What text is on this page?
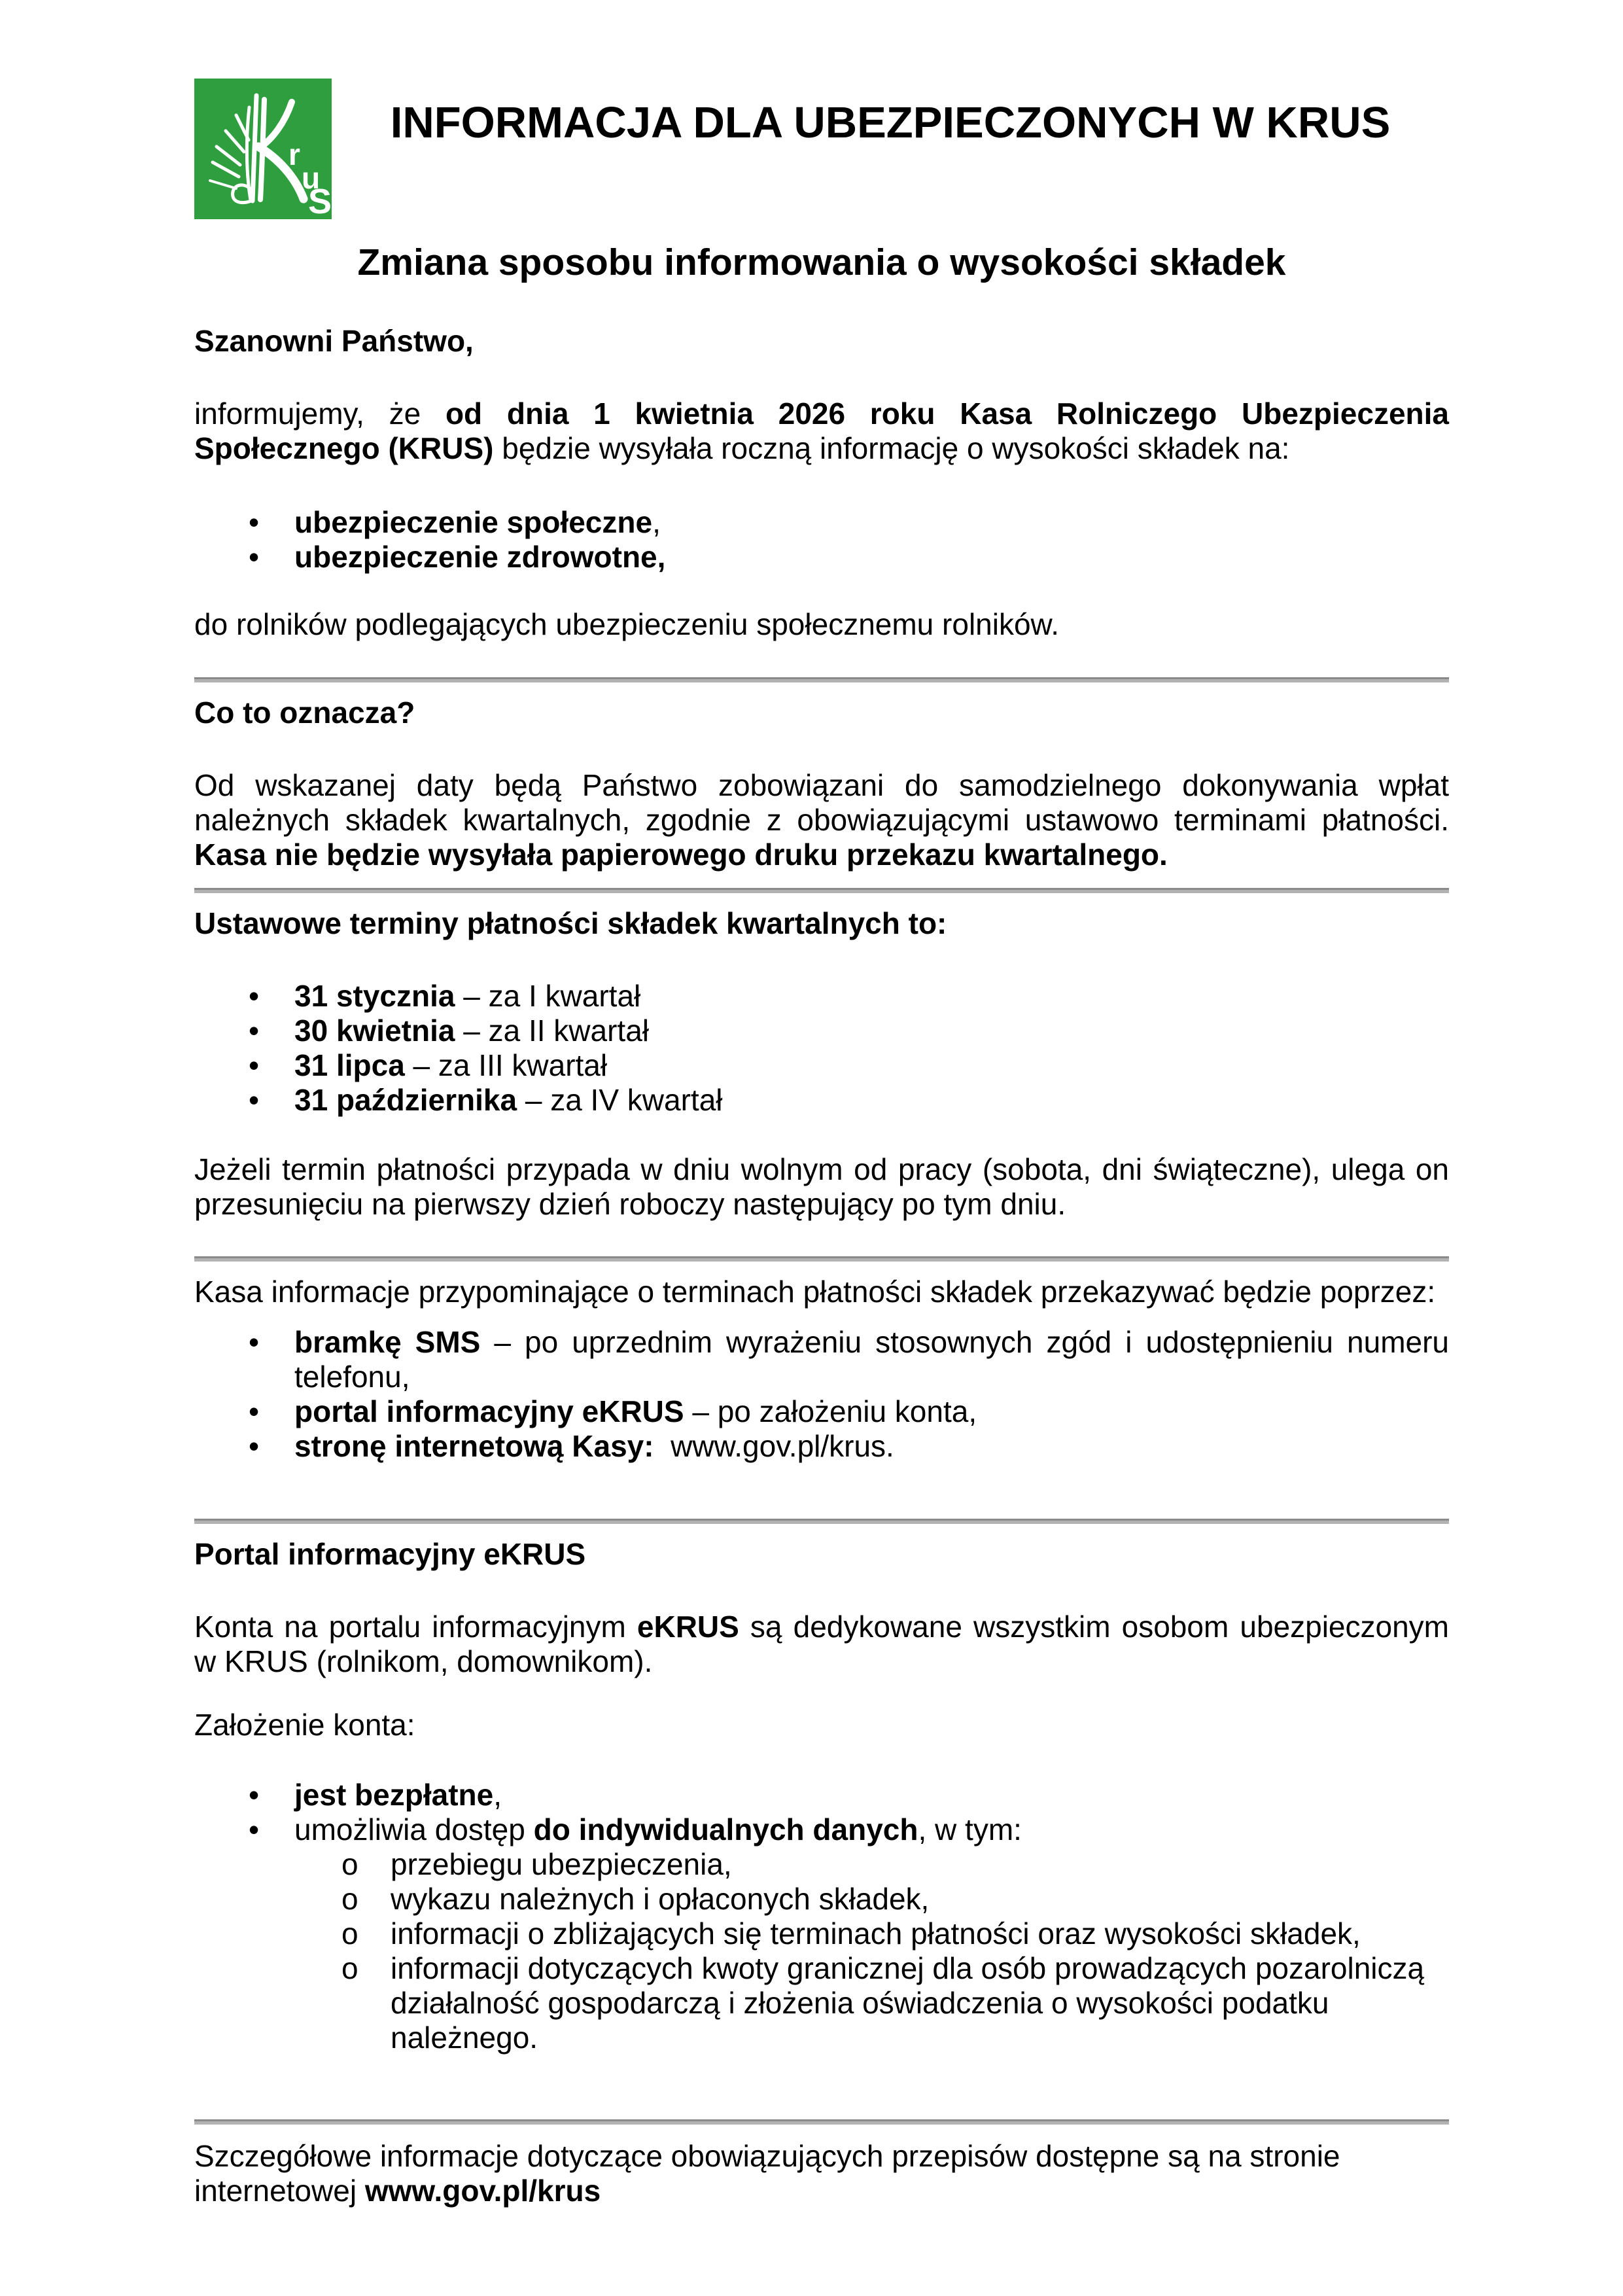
r
u
S
INFORMACJA DLA UBEZPIECZONYCH W KRUS
Zmiana sposobu informowania o wysokości składek
Szanowni Państwo,
informujemy, że od dnia 1 kwietnia 2026 roku Kasa Rolniczego Ubezpieczenia Społecznego (KRUS) będzie wysyłała roczną informację o wysokości składek na:
• ubezpieczenie społeczne,
• ubezpieczenie zdrowotne,
do rolników podlegających ubezpieczeniu społecznemu rolników.
Co to oznacza?
Od wskazanej daty będą Państwo zobowiązani do samodzielnego dokonywania wpłat należnych składek kwartalnych, zgodnie z obowiązującymi ustawowo terminami płatności. Kasa nie będzie wysyłała papierowego druku przekazu kwartalnego.
Ustawowe terminy płatności składek kwartalnych to:
• 31 stycznia – za I kwartał
• 30 kwietnia – za II kwartał
• 31 lipca – za III kwartał
• 31 października – za IV kwartał
Jeżeli termin płatności przypada w dniu wolnym od pracy (sobota, dni świąteczne), ulega on przesunięciu na pierwszy dzień roboczy następujący po tym dniu.
Kasa informacje przypominające o terminach płatności składek przekazywać będzie poprzez:
• bramkę SMS – po uprzednim wyrażeniu stosownych zgód i udostępnieniu numeru telefonu,
• portal informacyjny eKRUS – po założeniu konta,
• stronę internetową Kasy:  www.gov.pl/krus.
Portal informacyjny eKRUS
Konta na portalu informacyjnym eKRUS są dedykowane wszystkim osobom ubezpieczonym w KRUS (rolnikom, domownikom).
Założenie konta:
• jest bezpłatne,
• umożliwia dostęp do indywidualnych danych, w tym:
o przebiegu ubezpieczenia,
o wykazu należnych i opłaconych składek,
o informacji o zbliżających się terminach płatności oraz wysokości składek,
o informacji dotyczących kwoty granicznej dla osób prowadzących pozarolniczą działalność gospodarczą i złożenia oświadczenia o wysokości podatku należnego.
Szczegółowe informacje dotyczące obowiązujących przepisów dostępne są na stronie internetowej www.gov.pl/krus
